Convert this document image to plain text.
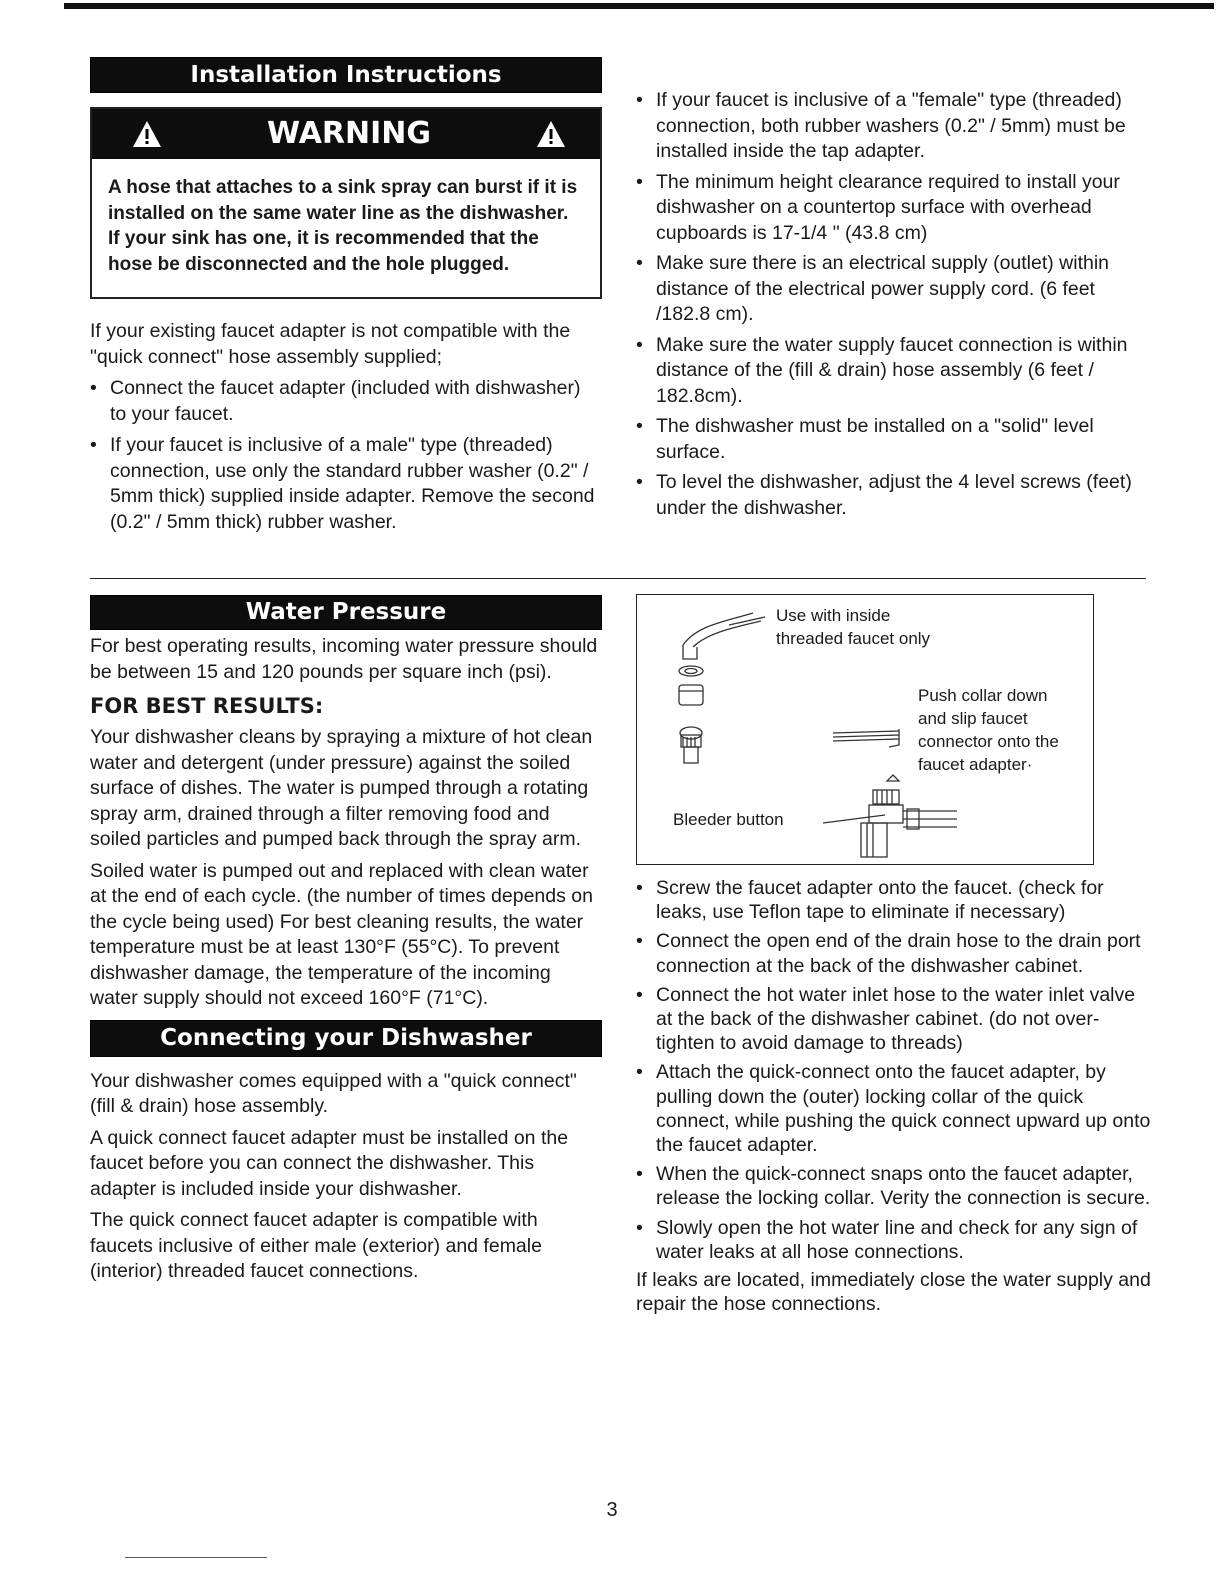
Installation Instructions
WARNING
A hose that attaches to a sink spray can burst if it is installed on the same water line as the dishwasher. If your sink has one, it is recommended that the hose be disconnected and the hole plugged.

If your existing faucet adapter is not compatible with the "quick connect" hose assembly supplied;

• Connect the faucet adapter (included with dishwasher) to your faucet.
• If your faucet is inclusive of a male" type (threaded) connection, use only the standard rubber washer (0.2" / 5mm thick) supplied inside adapter. Remove the second (0.2" / 5mm thick) rubber washer.
• If your faucet is inclusive of a "female" type (threaded) connection, both rubber washers (0.2" / 5mm) must be installed inside the tap adapter.
• The minimum height clearance required to install your dishwasher on a countertop surface with overhead cupboards is 17-1/4 " (43.8 cm)
• Make sure there is an electrical supply (outlet) within distance of the electrical power supply cord. (6 feet /182.8 cm).
• Make sure the water supply faucet connection is within distance of the (fill & drain) hose assembly (6 feet / 182.8cm).
• The dishwasher must be installed on a "solid" level surface.
• To level the dishwasher, adjust the 4 level screws (feet) under the dishwasher.
Water Pressure

For best operating results, incoming water pressure should be between 15 and 120 pounds per square inch (psi).

FOR BEST RESULTS:

Your dishwasher cleans by spraying a mixture of hot clean water and detergent (under pressure) against the soiled surface of dishes. The water is pumped through a rotating spray arm, drained through a filter removing food and soiled particles and pumped back through the spray arm.

Soiled water is pumped out and replaced with clean water at the end of each cycle. (the number of times depends on the cycle being used) For best cleaning results, the water temperature must be at least 130°F (55°C). To prevent dishwasher damage, the temperature of the incoming water supply should not exceed 160°F (71°C).

Connecting your Dishwasher

Your dishwasher comes equipped with a "quick connect" (fill & drain) hose assembly.

A quick connect faucet adapter must be installed on the faucet before you can connect the dishwasher. This adapter is included inside your dishwasher.

The quick connect faucet adapter is compatible with faucets inclusive of either male (exterior) and female (interior) threaded faucet connections.

Use with inside threaded faucet only
Push collar down and slip faucet connector onto the faucet adapter·
Bleeder button
• Screw the faucet adapter onto the faucet. (check for leaks, use Teflon tape to eliminate if necessary)
• Connect the open end of the drain hose to the drain port connection at the back of the dishwasher cabinet.
• Connect the hot water inlet hose to the water inlet valve at the back of the dishwasher cabinet. (do not over-tighten to avoid damage to threads)
• Attach the quick-connect onto the faucet adapter, by pulling down the (outer) locking collar of the quick connect, while pushing the quick connect upward up onto the faucet adapter.
• When the quick-connect snaps onto the faucet adapter, release the locking collar. Verity the connection is secure.
• Slowly open the hot water line and check for any sign of water leaks at all hose connections.

If leaks are located, immediately close the water supply and repair the hose connections.

3
